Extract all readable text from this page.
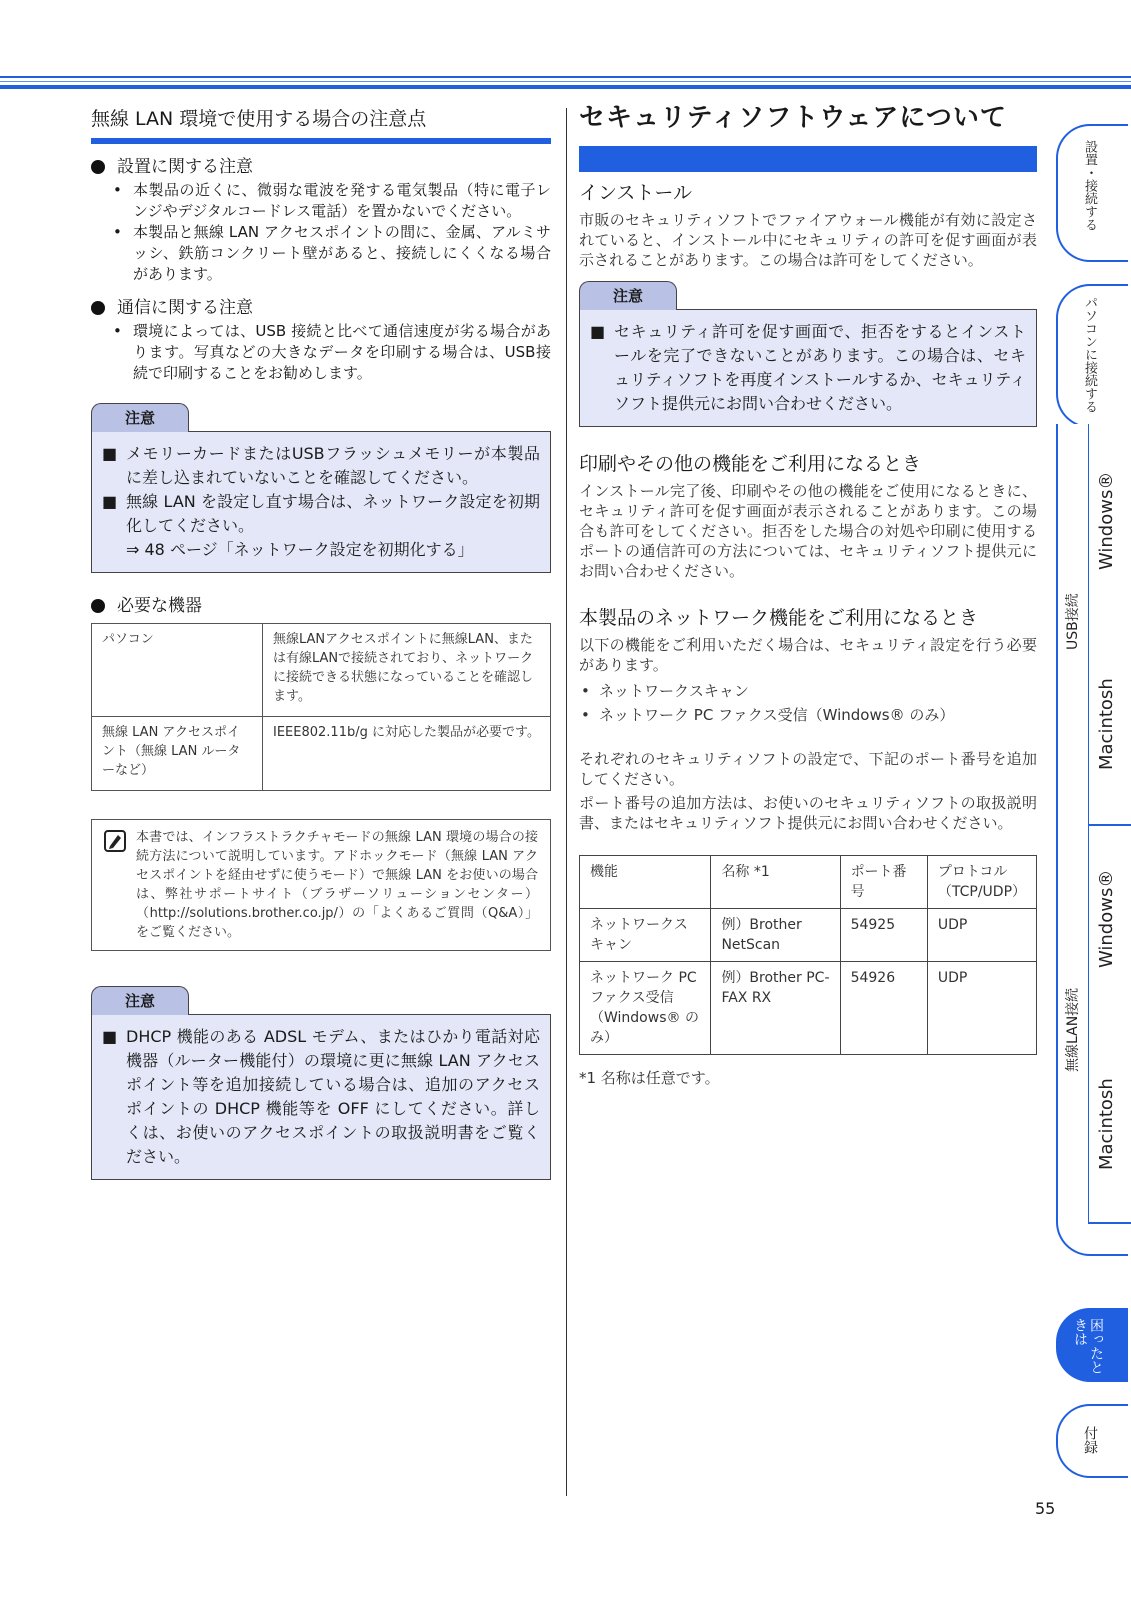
無線 LAN 環境で使用する場合の注意点
設置に関する注意
• 本製品の近くに、微弱な電波を発する電気製品（特に電子レンジやデジタルコードレス電話）を置かないでください。
• 本製品と無線 LAN アクセスポイントの間に、金属、アルミサッシ、鉄筋コンクリート壁があると、接続しにくくなる場合があります。
通信に関する注意
• 環境によっては、USB 接続と比べて通信速度が劣る場合があります。写真などの大きなデータを印刷する場合は、USB接続で印刷することをお勧めします。
注意
■ メモリーカードまたはUSBフラッシュメモリーが本製品に差し込まれていないことを確認してください。
■ 無線 LAN を設定し直す場合は、ネットワーク設定を初期化してください。
⇒ 48 ページ「ネットワーク設定を初期化する」
必要な機器
パソコン	無線LANアクセスポイントに無線LAN、または有線LANで接続されており、ネットワークに接続できる状態になっていることを確認します。
無線 LAN アクセスポイント（無線 LAN ルーターなど）	IEEE802.11b/g に対応した製品が必要です。
本書では、インフラストラクチャモードの無線 LAN 環境の場合の接続方法について説明しています。アドホックモード（無線 LAN アクセスポイントを経由せずに使うモード）で無線 LAN をお使いの場合は、弊社サポートサイト（ブラザーソリューションセンター）（http://solutions.brother.co.jp/）の「よくあるご質問（Q&A）」をご覧ください。
注意
■ DHCP 機能のある ADSL モデム、またはひかり電話対応機器（ルーター機能付）の環境に更に無線 LAN アクセスポイント等を追加接続している場合は、追加のアクセスポイントの DHCP 機能等を OFF にしてください。詳しくは、お使いのアクセスポイントの取扱説明書をご覧ください。
セキュリティソフトウェアについて
インストール
市販のセキュリティソフトでファイアウォール機能が有効に設定されていると、インストール中にセキュリティの許可を促す画面が表示されることがあります。この場合は許可をしてください。
注意
■ セキュリティ許可を促す画面で、拒否をするとインストールを完了できないことがあります。この場合は、セキュリティソフトを再度インストールするか、セキュリティソフト提供元にお問い合わせください。
印刷やその他の機能をご利用になるとき
インストール完了後、印刷やその他の機能をご使用になるときに、セキュリティ許可を促す画面が表示されることがあります。この場合も許可をしてください。拒否をした場合の対処や印刷に使用するポートの通信許可の方法については、セキュリティソフト提供元にお問い合わせください。
本製品のネットワーク機能をご利用になるとき
以下の機能をご利用いただく場合は、セキュリティ設定を行う必要があります。
• ネットワークスキャン
• ネットワーク PC ファクス受信（Windows® のみ）
それぞれのセキュリティソフトの設定で、下記のポート番号を追加してください。
ポート番号の追加方法は、お使いのセキュリティソフトの取扱説明書、またはセキュリティソフト提供元にお問い合わせください。
機能	名称 *1	ポート番号	プロトコル（TCP/UDP）
ネットワークスキャン	例）Brother NetScan	54925	UDP
ネットワーク PC ファクス受信（Windows® のみ）	例）Brother PC-FAX RX	54926	UDP
*1 名称は任意です。
設置・接続する
パソコンに接続する
USB接続
Windows®
Macintosh
無線LAN接続
Windows®
Macintosh
困ったときは
付録
55
